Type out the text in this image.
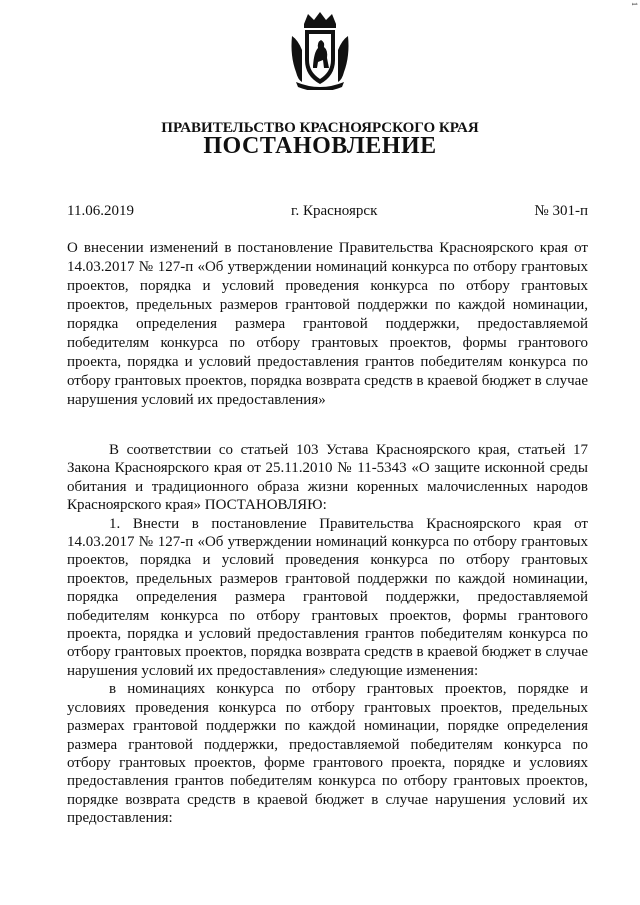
1
ПРАВИТЕЛЬСТВО КРАСНОЯРСКОГО КРАЯ
ПОСТАНОВЛЕНИЕ
11.06.2019	г. Красноярск	№ 301-п
О внесении изменений в постановление Правительства Красноярского края от 14.03.2017 № 127-п «Об утверждении номинаций конкурса по отбору грантовых проектов, порядка и условий проведения конкурса по отбору грантовых проектов, предельных размеров грантовой поддержки по каждой номинации, порядка определения размера грантовой поддержки, предоставляемой победителям конкурса по отбору грантовых проектов, формы грантового проекта, порядка и условий предоставления грантов победителям конкурса по отбору грантовых проектов, порядка возврата средств в краевой бюджет в случае нарушения условий их предоставления»

В соответствии со статьей 103 Устава Красноярского края, статьей 17 Закона Красноярского края от 25.11.2010 № 11-5343 «О защите исконной среды обитания и традиционного образа жизни коренных малочисленных народов Красноярского края» ПОСТАНОВЛЯЮ:

1. Внести в постановление Правительства Красноярского края от 14.03.2017 № 127-п «Об утверждении номинаций конкурса по отбору грантовых проектов, порядка и условий проведения конкурса по отбору грантовых проектов, предельных размеров грантовой поддержки по каждой номинации, порядка определения размера грантовой поддержки, предоставляемой победителям конкурса по отбору грантовых проектов, формы грантового проекта, порядка и условий предоставления грантов победителям конкурса по отбору грантовых проектов, порядка возврата средств в краевой бюджет в случае нарушения условий их предоставления» следующие изменения:

в номинациях конкурса по отбору грантовых проектов, порядке и условиях проведения конкурса по отбору грантовых проектов, предельных размерах грантовой поддержки по каждой номинации, порядке определения размера грантовой поддержки, предоставляемой победителям конкурса по отбору грантовых проектов, форме грантового проекта, порядке и условиях предоставления грантов победителям конкурса по отбору грантовых проектов, порядке возврата средств в краевой бюджет в случае нарушения условий их предоставления:
